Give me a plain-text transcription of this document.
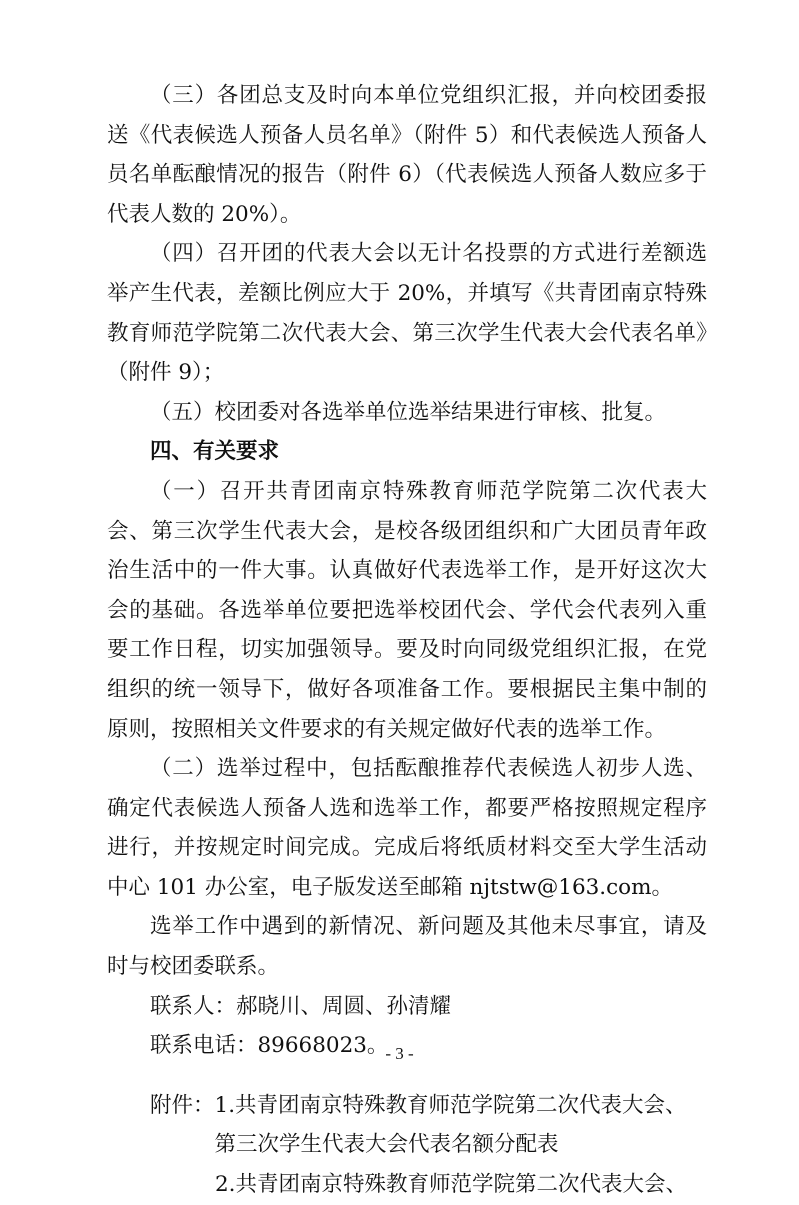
（三）各团总支及时向本单位党组织汇报，并向校团委报送《代表候选人预备人员名单》（附件 5）和代表候选人预备人员名单酝酿情况的报告（附件 6）（代表候选人预备人数应多于代表人数的 20%）。

（四）召开团的代表大会以无计名投票的方式进行差额选举产生代表，差额比例应大于 20%，并填写《共青团南京特殊教育师范学院第二次代表大会、第三次学生代表大会代表名单》（附件 9）；

（五）校团委对各选举单位选举结果进行审核、批复。

四、有关要求

（一）召开共青团南京特殊教育师范学院第二次代表大会、第三次学生代表大会，是校各级团组织和广大团员青年政治生活中的一件大事。认真做好代表选举工作，是开好这次大会的基础。各选举单位要把选举校团代会、学代会代表列入重要工作日程，切实加强领导。要及时向同级党组织汇报，在党组织的统一领导下，做好各项准备工作。要根据民主集中制的原则，按照相关文件要求的有关规定做好代表的选举工作。

（二）选举过程中，包括酝酿推荐代表候选人初步人选、确定代表候选人预备人选和选举工作，都要严格按照规定程序进行，并按规定时间完成。完成后将纸质材料交至大学生活动中心 101 办公室，电子版发送至邮箱 njtstw@163.com。

选举工作中遇到的新情况、新问题及其他未尽事宜，请及时与校团委联系。

联系人：郝晓川、周圆、孙清耀

联系电话：89668023。

附件： 1.共青团南京特殊教育师范学院第二次代表大会、第三次学生代表大会代表名额分配表

2.共青团南京特殊教育师范学院第二次代表大会、

- 3 -
